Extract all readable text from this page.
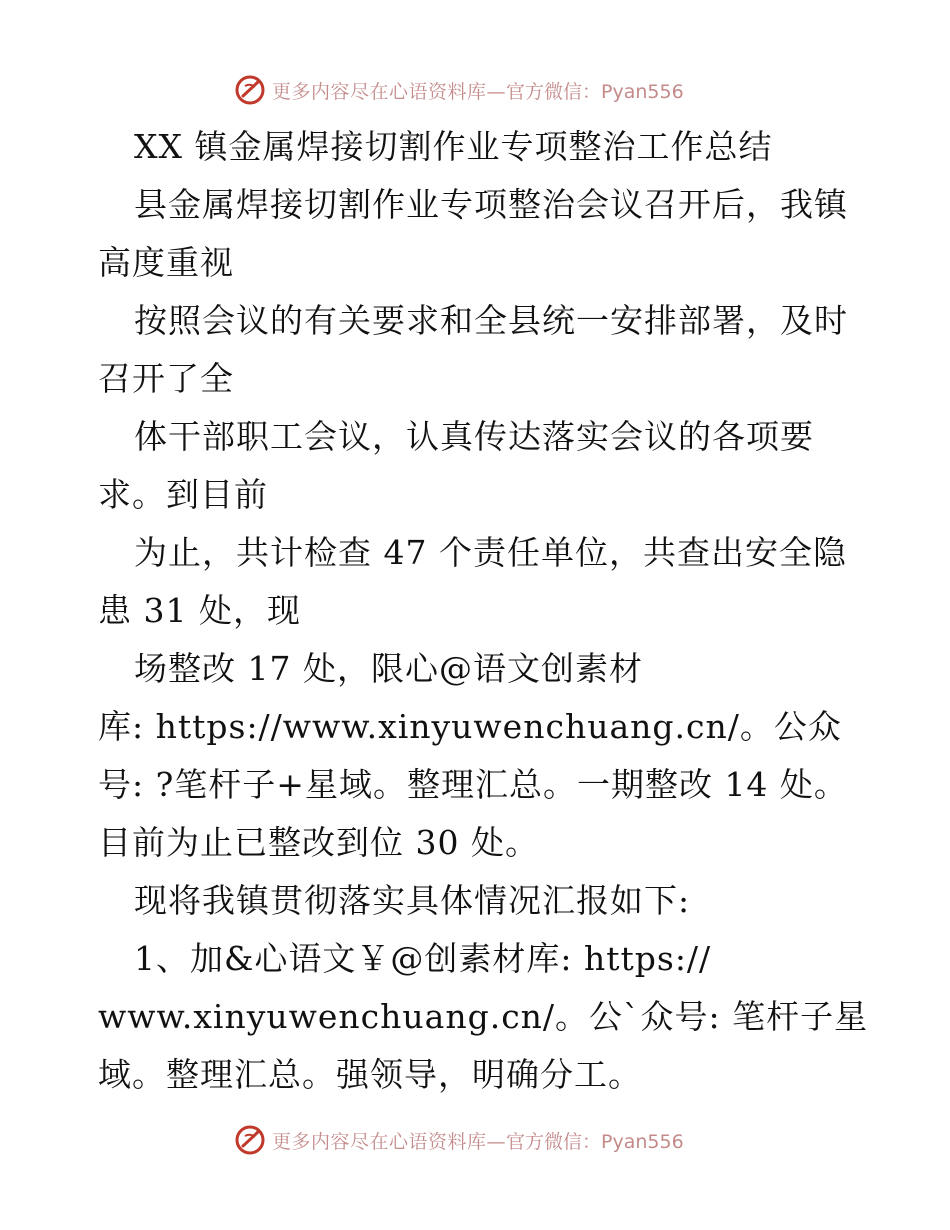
更多内容尽在心语资料库— 官方微信：Pyan556
XX 镇金属焊接切割作业专项整治工作总结
县金属焊接切割作业专项整治会议召开后，我镇
高度重视
按照会议的有关要求和全县统一安排部署，及时
召开了全
体干部职工会议，认真传达落实会议的各项要
求。到目前
为止，共计检查 47 个责任单位，共查出安全隐
患 31 处，现
场整改 17 处，限心@语文创素材
库: https://www.xinyuwenchuang.cn/。公众
号: ?笔杆子+星域。整理汇总。一期整改 14 处。
目前为止已整改到位 30 处。
现将我镇贯彻落实具体情况汇报如下:
1、加&心语文￥@创素材库: https://
www.xinyuwenchuang.cn/。公`众号: 笔杆子星
域。整理汇总。强领导，明确分工。
更多内容尽在心语资料库— 官方微信：Pyan556
